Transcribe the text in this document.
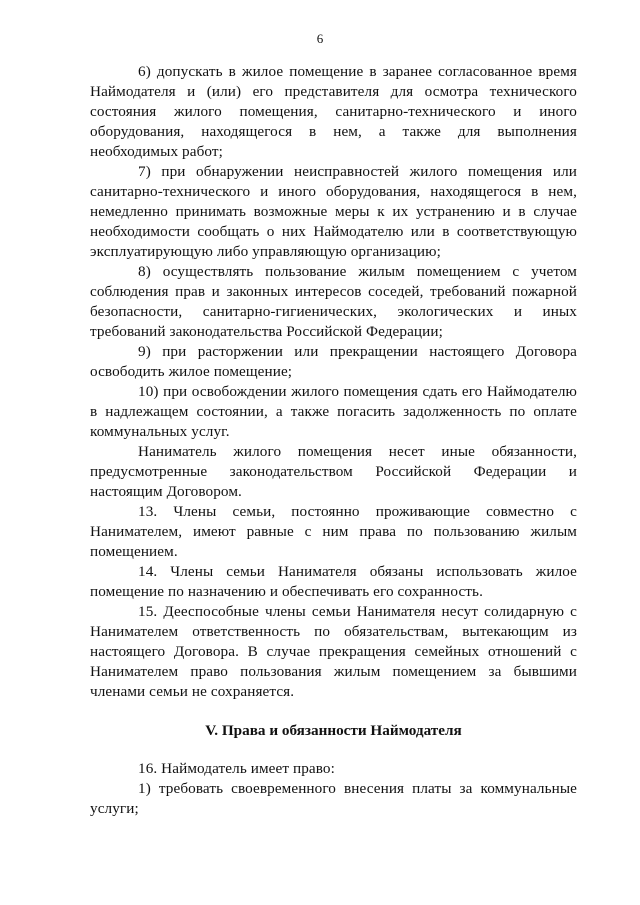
6

6) допускать в жилое помещение в заранее согласованное время Наймодателя и (или) его представителя для осмотра технического состояния жилого помещения, санитарно-технического и иного оборудования, находящегося в нем, а также для выполнения необходимых работ;

7) при обнаружении неисправностей жилого помещения или санитарно-технического и иного оборудования, находящегося в нем, немедленно принимать возможные меры к их устранению и в случае необходимости сообщать о них Наймодателю или в соответствующую эксплуатирующую либо управляющую организацию;

8) осуществлять пользование жилым помещением с учетом соблюдения прав и законных интересов соседей, требований пожарной безопасности, санитарно-гигиенических, экологических и иных требований законодательства Российской Федерации;

9) при расторжении или прекращении настоящего Договора освободить жилое помещение;

10) при освобождении жилого помещения сдать его Наймодателю в надлежащем состоянии, а также погасить задолженность по оплате коммунальных услуг.

Наниматель жилого помещения несет иные обязанности, предусмотренные законодательством Российской Федерации и настоящим Договором.

13. Члены семьи, постоянно проживающие совместно с Нанимателем, имеют равные с ним права по пользованию жилым помещением.

14. Члены семьи Нанимателя обязаны использовать жилое помещение по назначению и обеспечивать его сохранность.

15. Дееспособные члены семьи Нанимателя несут солидарную с Нанимателем ответственность по обязательствам, вытекающим из настоящего Договора. В случае прекращения семейных отношений с Нанимателем право пользования жилым помещением за бывшими членами семьи не сохраняется.

V. Права и обязанности Наймодателя

16. Наймодатель имеет право:

1) требовать своевременного внесения платы за коммунальные услуги;
